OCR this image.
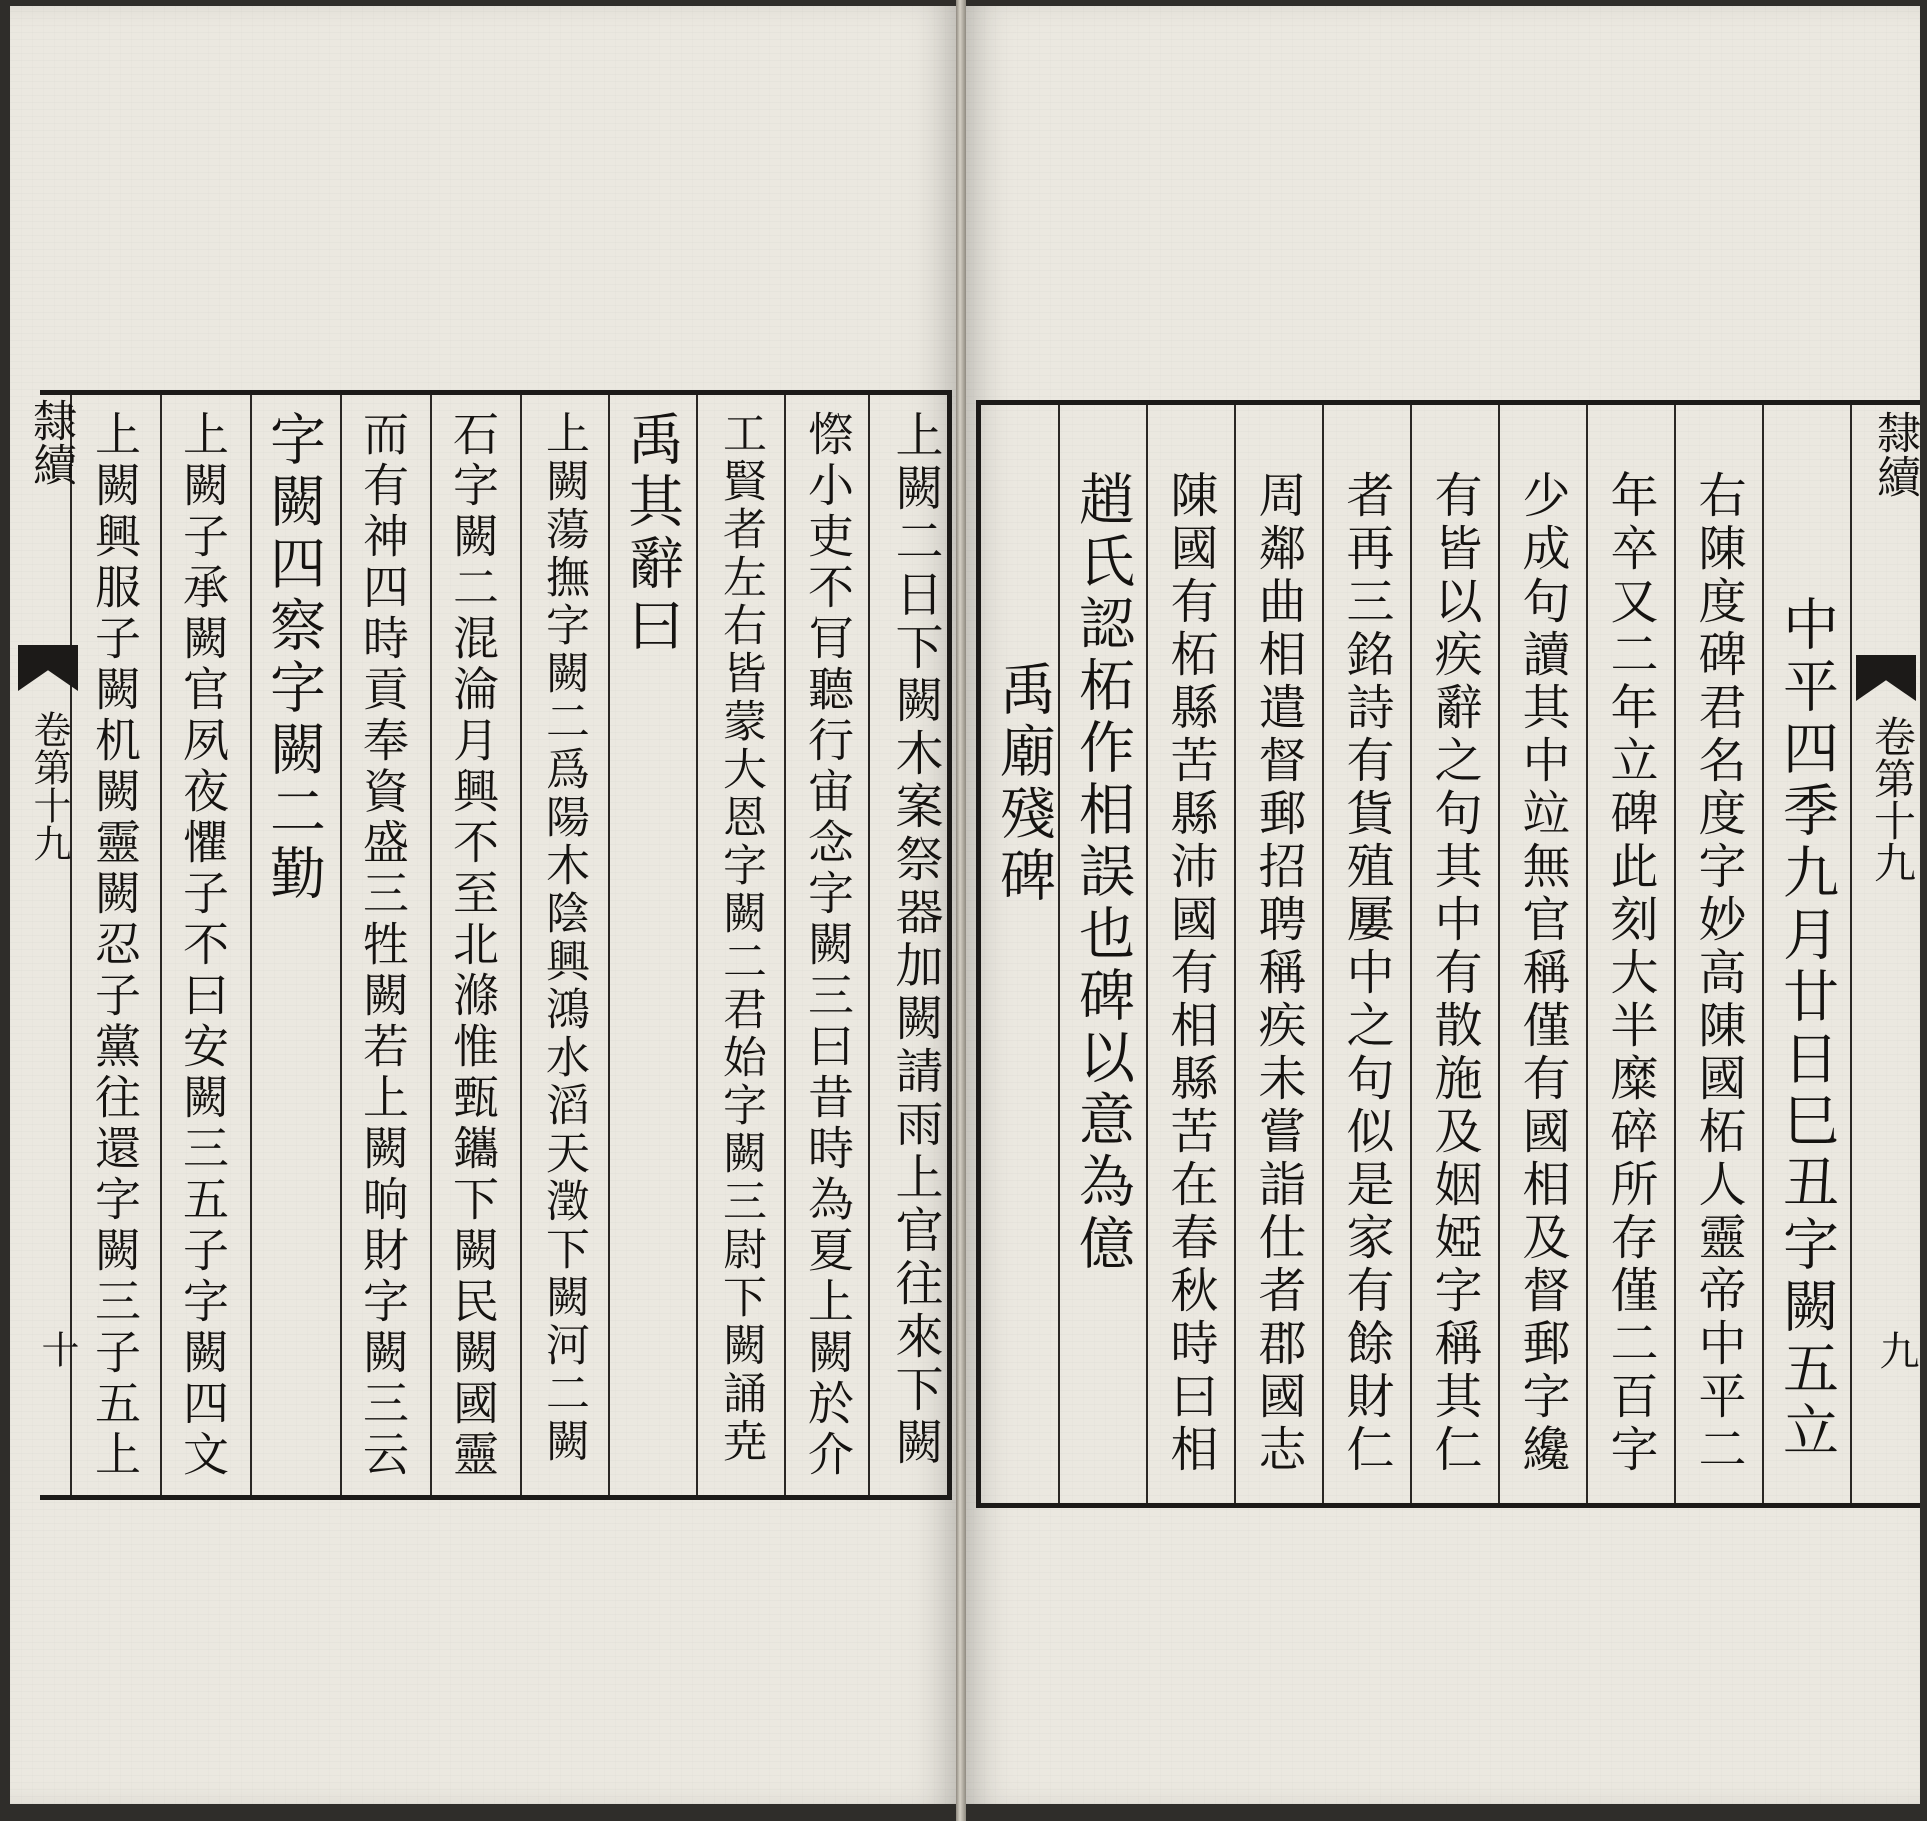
隸續
卷第十九
十	上闕二日下闕木案祭器加闕請雨上官往來下闕
憏小吏不肎聽行宙念字闕三曰昔時為夏上闕於介
工賢者左右皆蒙大恩字闕二君始字闕三尉下闕誦尭
禹其辭曰
上闕蕩撫字闕二爲陽木陰興鴻水滔天澂下闕河二闕
石字闕二混淪月興不至北滌惟甄鑴下闕民闕國靈
而有神四時貢奉資盛三牲闕若上闕晌財字闕三云
字闕四察字闕二勤
上闕子承闕官夙夜懼子不曰安闕三五子字闕四文
上闕興服子闕机闕靈闕忍子黨往還字闕三子五上	隸續
卷第十九
九
中平四季九月廿日巳丑字闕五立
右陳度碑君名度字妙高陳國柘人靈帝中平二
年卒又二年立碑此刻大半糜碎所存僅二百字
少成句讀其中竝無官稱僅有國相及督郵字纔
有皆以疾辭之句其中有散施及姻婭字稱其仁
者再三銘詩有貨殖屢中之句似是家有餘財仁
周鄰曲相遣督郵招聘稱疾未嘗詣仕者郡國志
陳國有柘縣苦縣沛國有相縣苦在春秋時曰相
趙氏認柘作相誤也碑以意為億
禹廟殘碑
